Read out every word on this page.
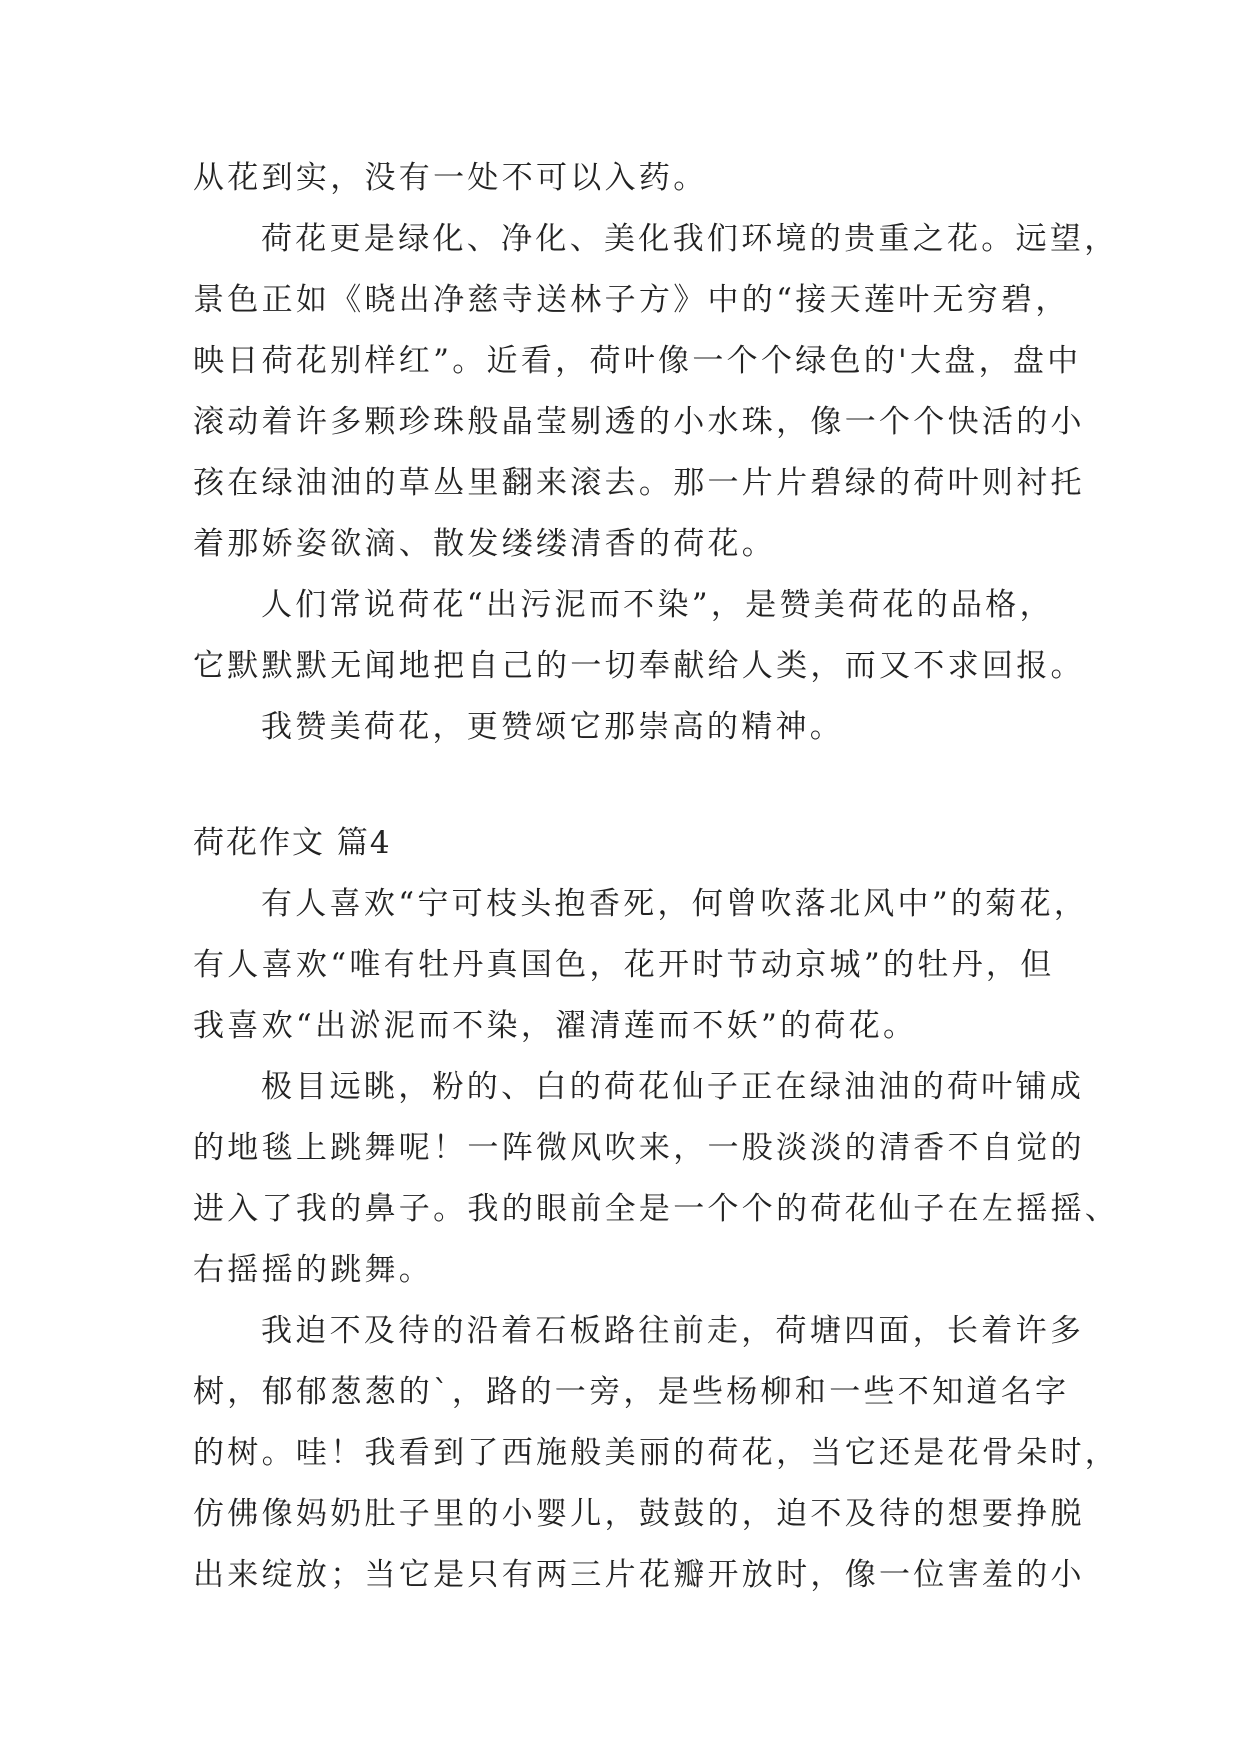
从花到实，没有一处不可以入药。
荷花更是绿化、净化、美化我们环境的贵重之花。远望，
景色正如《晓出净慈寺送林子方》中的“接天莲叶无穷碧，
映日荷花别样红”。近看，荷叶像一个个绿色的'大盘，盘中
滚动着许多颗珍珠般晶莹剔透的小水珠，像一个个快活的小
孩在绿油油的草丛里翻来滚去。那一片片碧绿的荷叶则衬托
着那娇姿欲滴、散发缕缕清香的荷花。
人们常说荷花“出污泥而不染”，是赞美荷花的品格，
它默默默无闻地把自己的一切奉献给人类，而又不求回报。
我赞美荷花，更赞颂它那崇高的精神。
荷花作文 篇4
有人喜欢“宁可枝头抱香死，何曾吹落北风中”的菊花，
有人喜欢“唯有牡丹真国色，花开时节动京城”的牡丹，但
我喜欢“出淤泥而不染，濯清莲而不妖”的荷花。
极目远眺，粉的、白的荷花仙子正在绿油油的荷叶铺成
的地毯上跳舞呢！一阵微风吹来，一股淡淡的清香不自觉的
进入了我的鼻子。我的眼前全是一个个的荷花仙子在左摇摇、
右摇摇的跳舞。
我迫不及待的沿着石板路往前走，荷塘四面，长着许多
树，郁郁葱葱的`，路的一旁，是些杨柳和一些不知道名字
的树。哇！我看到了西施般美丽的荷花，当它还是花骨朵时，
仿佛像妈奶肚子里的小婴儿，鼓鼓的，迫不及待的想要挣脱
出来绽放；当它是只有两三片花瓣开放时，像一位害羞的小
